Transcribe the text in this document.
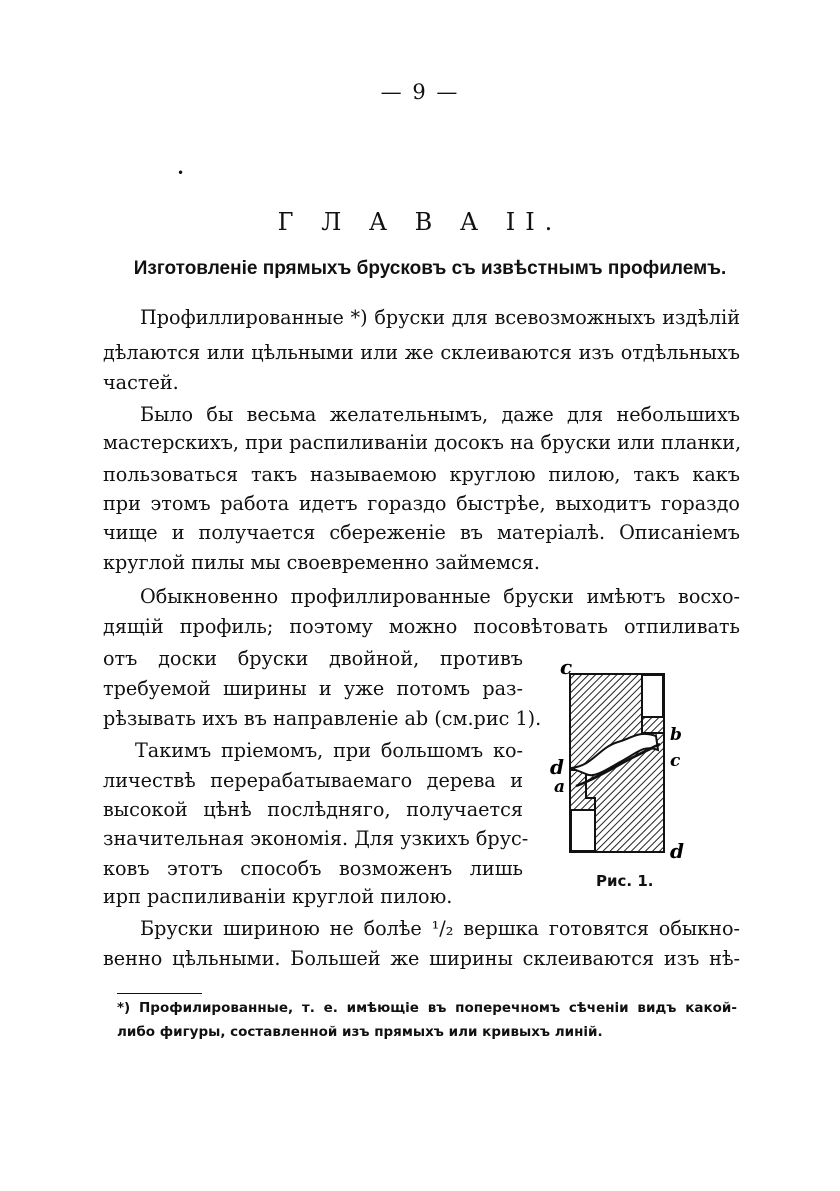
— 9 —
•
Г Л А В А II.
Изготовленіе прямыхъ брусковъ съ извѣстнымъ профилемъ.
Профиллированные *) бруски для всевозможныхъ издѣлій
дѣлаются или цѣльными или же склеиваются изъ отдѣльныхъ
частей.
Было бы весьма желательнымъ, даже для небольшихъ
мастерскихъ, при распиливаніи досокъ на бруски или планки,
пользоваться такъ называемою круглою пилою, такъ какъ
при этомъ работа идетъ гораздо быстрѣе, выходитъ гораздо
чище и получается сбереженіе въ матеріалѣ. Описаніемъ
круглой пилы мы своевременно займемся.
Обыкновенно профиллированные бруски имѣютъ восхо-
дящій профиль; поэтому можно посовѣтовать отпиливать
отъ доски бруски двойной, противъ
требуемой ширины и уже потомъ раз-
рѣзывать ихъ въ направленіе ab (см.рис 1).
Такимъ пріемомъ, при большомъ ко-
личествѣ перерабатываемаго дерева и
высокой цѣнѣ послѣдняго, получается
значительная экономія. Для узкихъ брус-
ковъ этотъ способъ возможенъ лишь
ирп распиливаніи круглой пилою.
Бруски шириною не болѣе ¹/₂ вершка готовятся обыкно-
венно цѣльными. Большей же ширины склеиваются изъ нѣ-
c
b
c
d
a
d
Рис. 1.
*) Профилированные, т. е. имѣющіе въ поперечномъ сѣченіи видъ какой-
либо фигуры, составленной изъ прямыхъ или кривыхъ линій.
